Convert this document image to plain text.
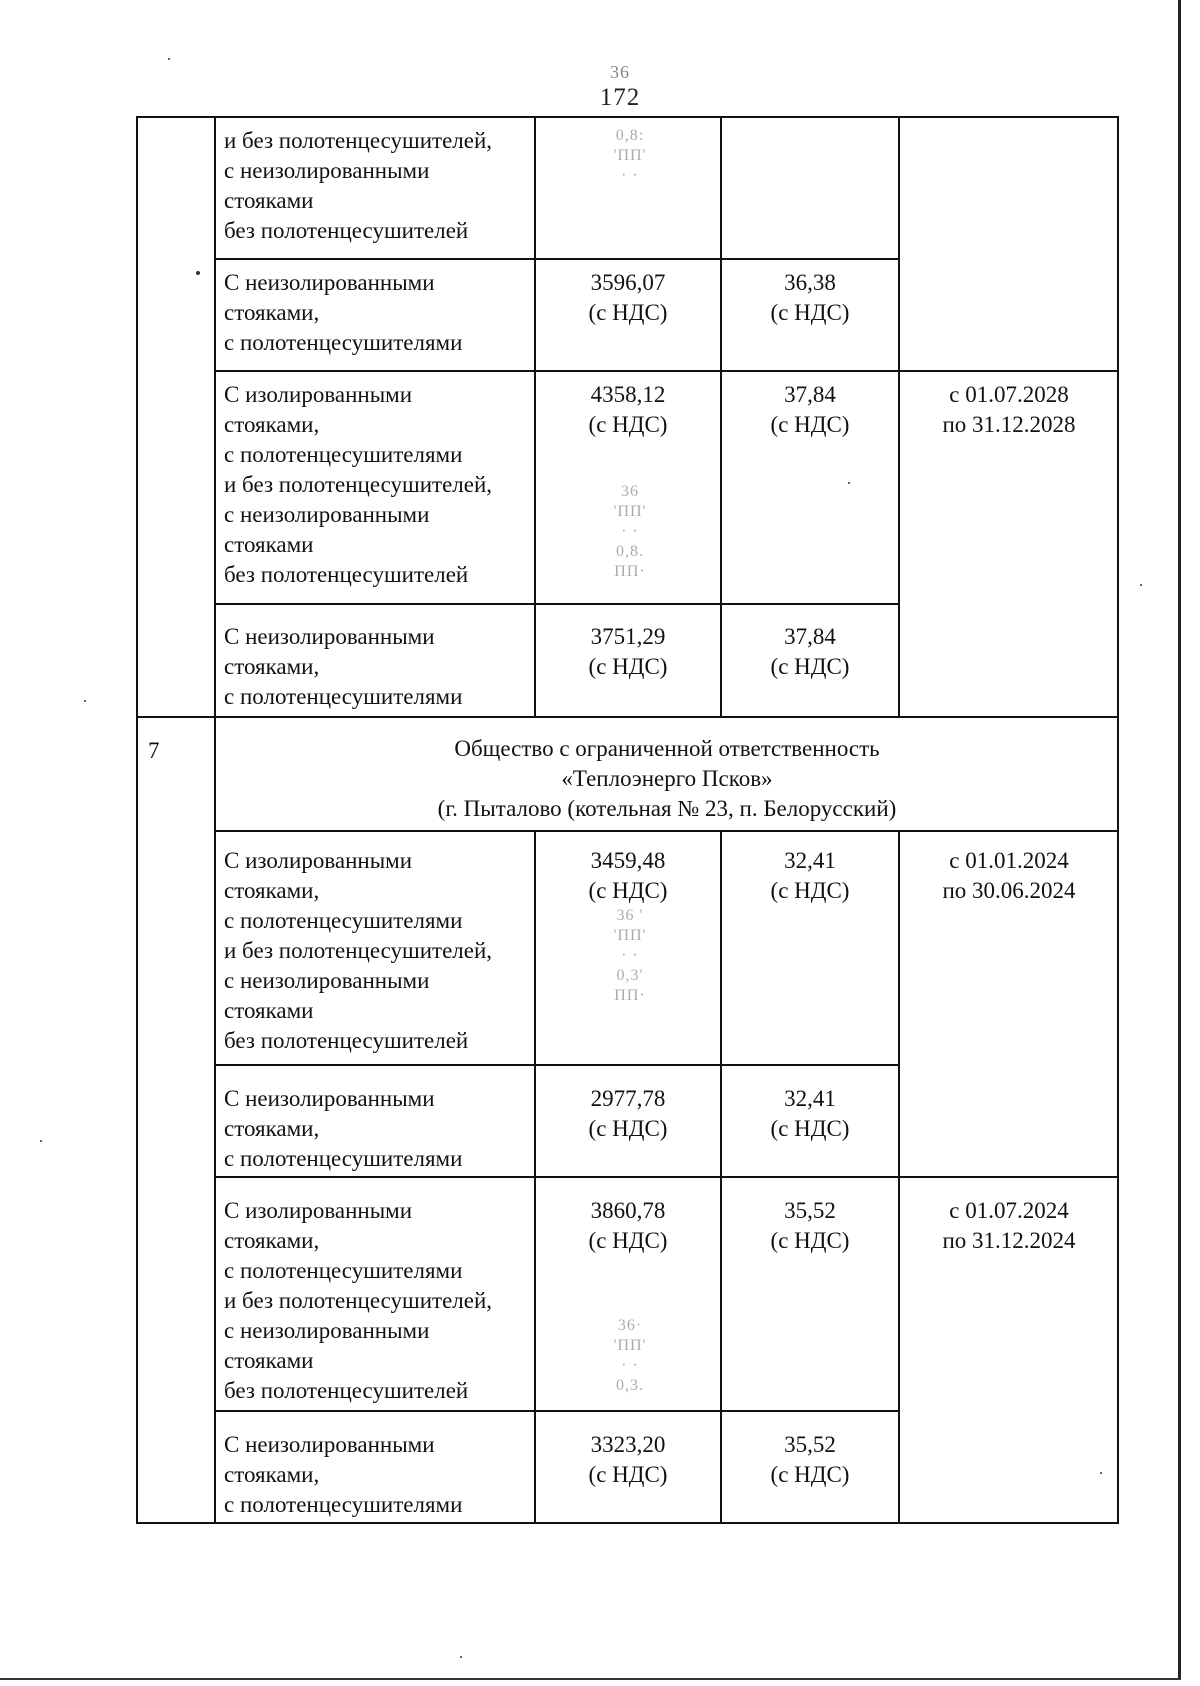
36
172
и без полотенцесушителей,
с неизолированными
стояками
без полотенцесушителей
С неизолированными
стояками,
с полотенцесушителями
3596,07
(с НДС)
36,38
(с НДС)
С изолированными
стояками,
с полотенцесушителями
и без полотенцесушителей,
с неизолированными
стояками
без полотенцесушителей
4358,12
(с НДС)
37,84
(с НДС)
с 01.07.2028
по 31.12.2028
С неизолированными
стояками,
с полотенцесушителями
3751,29
(с НДС)
37,84
(с НДС)
7	Общество с ограниченной ответственность
«Теплоэнерго Псков»
(г. Пыталово (котельная № 23, п. Белорусский)
С изолированными
стояками,
с полотенцесушителями
и без полотенцесушителей,
с неизолированными
стояками
без полотенцесушителей
3459,48
(с НДС)
32,41
(с НДС)
с 01.01.2024
по 30.06.2024
С неизолированными
стояками,
с полотенцесушителями
2977,78
(с НДС)
32,41
(с НДС)
С изолированными
стояками,
с полотенцесушителями
и без полотенцесушителей,
с неизолированными
стояками
без полотенцесушителей
3860,78
(с НДС)
35,52
(с НДС)
с 01.07.2024
по 31.12.2024
С неизолированными
стояками,
с полотенцесушителями
3323,20
(с НДС)
35,52
(с НДС)
0,8:
'ΠΠ'
· ·
36
'ΠΠ'
· ·
0,8.
ΠΠ·
36 '
'ΠΠ'
· ·
0,3'
ΠΠ·
36·
'ΠΠ'
· ·
0,3.
